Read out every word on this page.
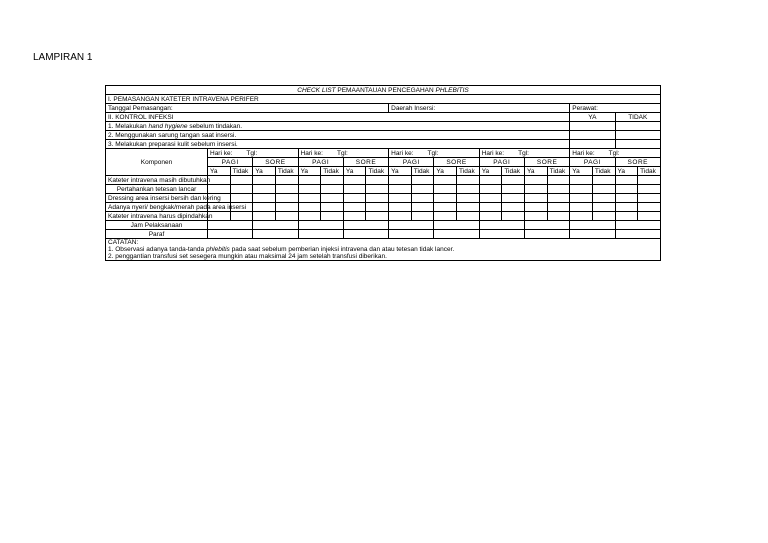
LAMPIRAN 1
CHECK LIST PEMAANTAUAN PENCEGAHAN PHLEBITIS																				
I. PEMASANGAN KATETER INTRAVENA PERIFER																				
Tanggal Pemasangan:									Daerah Insersi:								Perawat:			
II. KONTROL INFEKSI																	YA		TIDAK	
1. Melakukan hand hygiene sebelum tindakan.																				
2. Menggunakan sarung tangan saat insersi.																				
3. Melakukan preparasi kulit sebelum insersi.																				
Komponen	Hari ke: Tgl:				Hari ke: Tgl:				Hari ke: Tgl:				Hari ke: Tgl:				Hari ke: Tgl:			
	PAGI		SORE		PAGI		SORE		PAGI		SORE		PAGI		SORE		PAGI		SORE	
	Ya	Tidak	Ya	Tidak	Ya	Tidak	Ya	Tidak	Ya	Tidak	Ya	Tidak	Ya	Tidak	Ya	Tidak	Ya	Tidak	Ya	Tidak
Kateter intravena masih dibutuhkan																				
Pertahankan tetesan lancar																				
Dressing area insersi bersih dan kering																				
Adanya nyeri/ bengkak/merah pada area insersi																				
Kateter intravena harus dipindahkan																				
Jam Pelaksanaan																				
Paraf																				

CATATAN:
1. Observasi adanya tanda-tanda phlebitis pada saat sebelum pemberian injeksi intravena dan atau tetesan tidak lancer.
2. penggantian transfusi set sesegera mungkin atau maksimal 24 jam setelah transfusi diberikan.																				
